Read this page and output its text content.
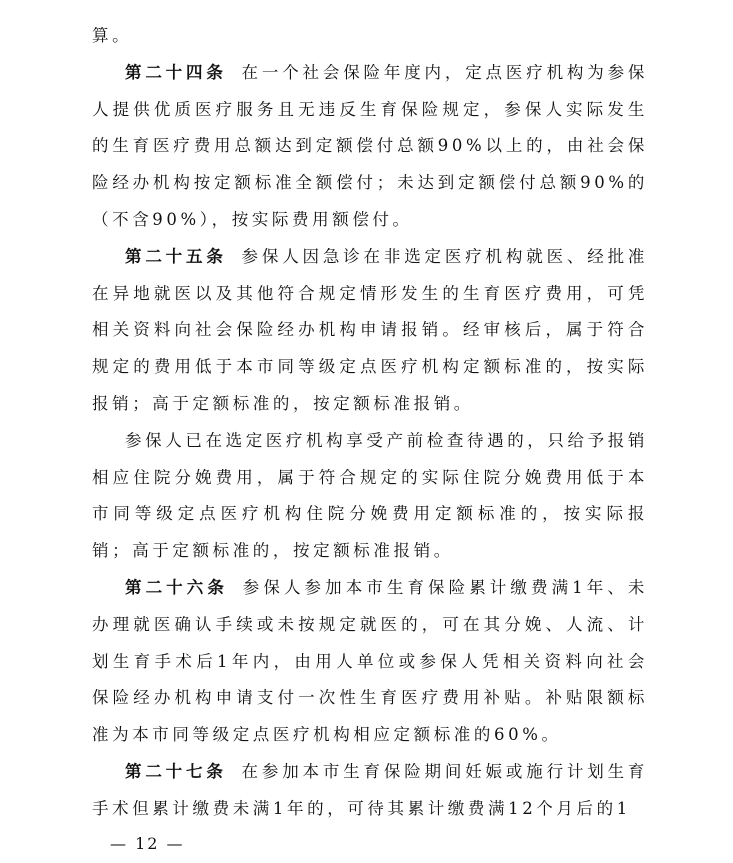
算。

第二十四条 在一个社会保险年度内，定点医疗机构为参保人提供优质医疗服务且无违反生育保险规定，参保人实际发生的生育医疗费用总额达到定额偿付总额90%以上的，由社会保险经办机构按定额标准全额偿付；未达到定额偿付总额90%的（不含90%），按实际费用额偿付。

第二十五条 参保人因急诊在非选定医疗机构就医、经批准在异地就医以及其他符合规定情形发生的生育医疗费用，可凭相关资料向社会保险经办机构申请报销。经审核后，属于符合规定的费用低于本市同等级定点医疗机构定额标准的，按实际报销；高于定额标准的，按定额标准报销。

参保人已在选定医疗机构享受产前检查待遇的，只给予报销相应住院分娩费用，属于符合规定的实际住院分娩费用低于本市同等级定点医疗机构住院分娩费用定额标准的，按实际报销；高于定额标准的，按定额标准报销。

第二十六条 参保人参加本市生育保险累计缴费满1年、未办理就医确认手续或未按规定就医的，可在其分娩、人流、计划生育手术后1年内，由用人单位或参保人凭相关资料向社会保险经办机构申请支付一次性生育医疗费用补贴。补贴限额标准为本市同等级定点医疗机构相应定额标准的60%。

第二十七条 在参加本市生育保险期间妊娠或施行计划生育手术但累计缴费未满1年的，可待其累计缴费满12个月后的1

— 12 —
